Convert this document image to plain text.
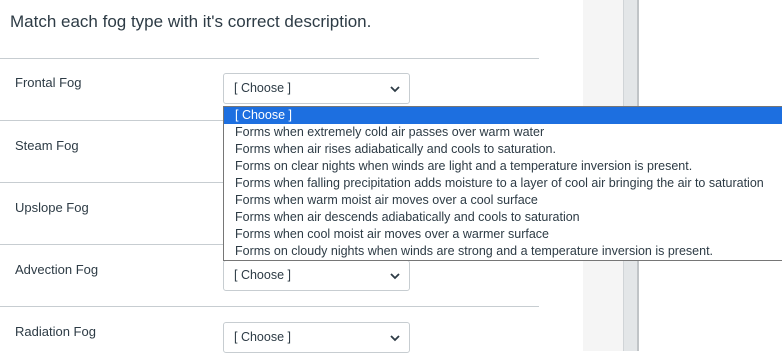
Match each fog type with it's correct description.
Frontal Fog	[ Choose ]
Steam Fog
Upslope Fog
Advection Fog	[ Choose ]
Radiation Fog	[ Choose ]
[ Choose ]
Forms when extremely cold air passes over warm water
Forms when air rises adiabatically and cools to saturation.
Forms on clear nights when winds are light and a temperature inversion is present.
Forms when falling precipitation adds moisture to a layer of cool air bringing the air to saturation
Forms when warm moist air moves over a cool surface
Forms when air descends adiabatically and cools to saturation
Forms when cool moist air moves over a warmer surface
Forms on cloudy nights when winds are strong and a temperature inversion is present.
